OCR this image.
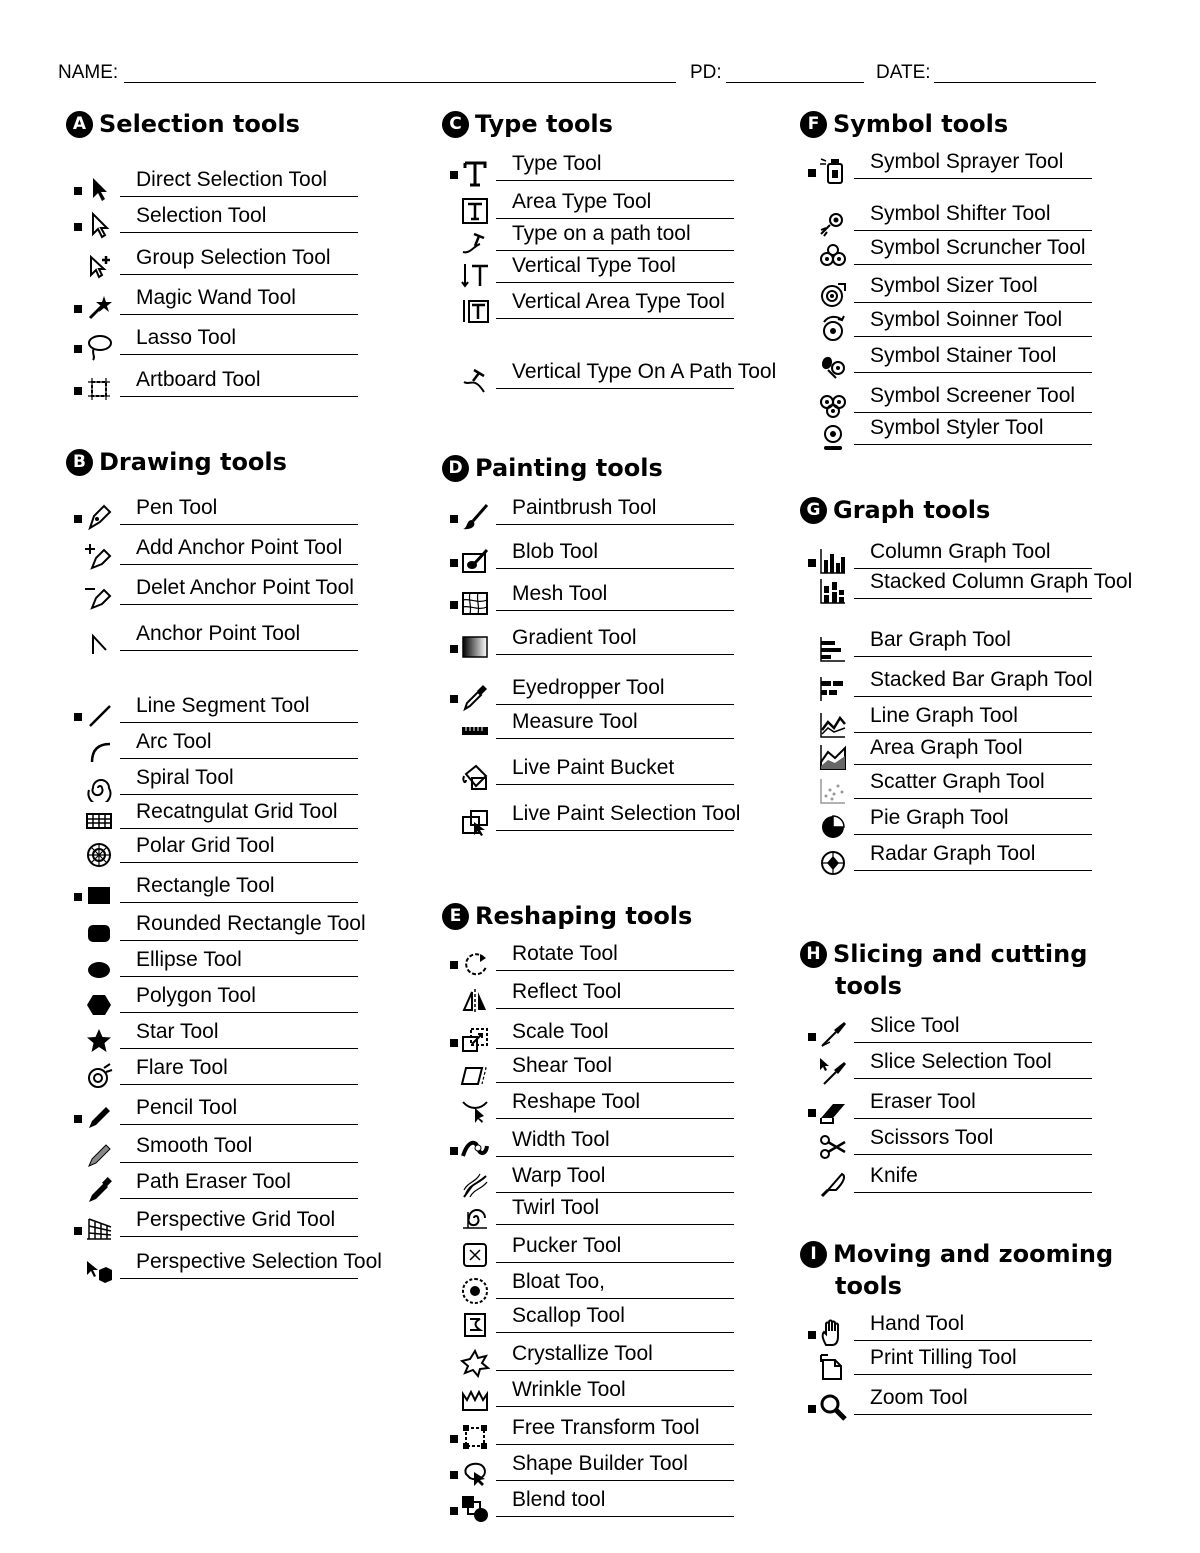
NAME:	PD:	DATE:
A Selection tools
Direct Selection Tool
Selection Tool
Group Selection Tool
Magic Wand Tool
Lasso Tool
Artboard Tool
B Drawing tools
Pen Tool
Add Anchor Point Tool
Delet Anchor Point Tool
Anchor Point Tool
Line Segment Tool
Arc Tool
Spiral Tool
Recatngulat Grid Tool
Polar Grid Tool
Rectangle Tool
Rounded Rectangle Tool
Ellipse Tool
Polygon Tool
Star Tool
Flare Tool
Pencil Tool
Smooth Tool
Path Eraser Tool
Perspective Grid Tool
Perspective Selection Tool
C Type tools
Type Tool
Area Type Tool
Type on a path tool
Vertical Type Tool
Vertical Area Type Tool
Vertical Type On A Path Tool
D Painting tools
Paintbrush Tool
Blob Tool
Mesh Tool
Gradient Tool
Eyedropper Tool
Measure Tool
Live Paint Bucket
Live Paint Selection Tool
E Reshaping tools
Rotate Tool
Reflect Tool
Scale Tool
Shear Tool
Reshape Tool
Width Tool
Warp Tool
Twirl Tool
Pucker Tool
Bloat Too,
Scallop Tool
Crystallize Tool
Wrinkle Tool
Free Transform Tool
Shape Builder Tool
Blend tool
F Symbol tools
Symbol Sprayer Tool
Symbol Shifter Tool
Symbol Scruncher Tool
Symbol Sizer Tool
Symbol Soinner Tool
Symbol Stainer Tool
Symbol Screener Tool
Symbol Styler Tool
G Graph tools
Column Graph Tool
Stacked Column Graph Tool
Bar Graph Tool
Stacked Bar Graph Tool
Line Graph Tool
Area Graph Tool
Scatter Graph Tool
Pie Graph Tool
Radar Graph Tool
H Slicing and cutting
tools
Slice Tool
Slice Selection Tool
Eraser Tool
Scissors Tool
Knife
I Moving and zooming
tools
Hand Tool
Print Tilling Tool
Zoom Tool
